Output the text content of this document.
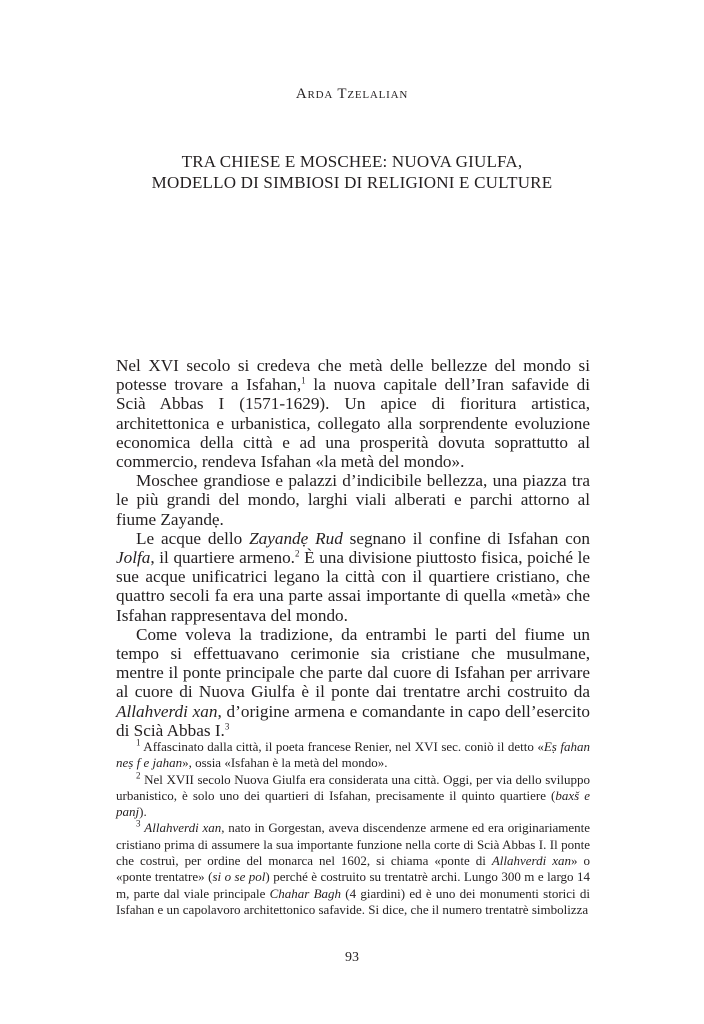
Arda Tzelalian
TRA CHIESE E MOSCHEE: NUOVA GIULFA,
MODELLO DI SIMBIOSI DI RELIGIONI E CULTURE

Nel XVI secolo si credeva che metà delle bellezze del mondo si potesse trovare a Isfahan,$^1$ la nuova capitale dell’Iran safavide di Scià Abbas I (1571-1629). Un apice di fioritura artistica, architettonica e urbanistica, collegato alla sorprendente evoluzione economica della città e ad una prosperità dovuta soprattutto al commercio, rendeva Isfahan «la metà del mondo».

Moschee grandiose e palazzi d’indicibile bellezza, una piazza tra le più grandi del mondo, larghi viali alberati e parchi attorno al fiume Zayandẹ.

Le acque dello Zayandẹ Rud segnano il confine di Isfahan con Jolfa, il quartiere armeno.$^2$ È una divisione piuttosto fisica, poiché le sue acque unificatrici legano la città con il quartiere cristiano, che quattro secoli fa era una parte assai importante di quella «metà» che Isfahan rappresentava del mondo.

Come voleva la tradizione, da entrambi le parti del fiume un tempo si effettuavano cerimonie sia cristiane che musulmane, mentre il ponte principale che parte dal cuore di Isfahan per arrivare al cuore di Nuova Giulfa è il ponte dai trentatre archi costruito da Allahverdi xan, d’origine armena e comandante in capo dell’esercito di Scià Abbas I.$^3$

$^1$ Affascinato dalla città, il poeta francese Renier, nel XVI sec. coniò il detto «Eṣ fahan neṣ f e jahan», ossia «Isfahan è la metà del mondo».

$^2$ Nel XVII secolo Nuova Giulfa era considerata una città. Oggi, per via dello sviluppo urbanistico, è solo uno dei quartieri di Isfahan, precisamente il quinto quartiere (baxš e panj).

$^3$ Allahverdi xan, nato in Gorgestan, aveva discendenze armene ed era originariamente cristiano prima di assumere la sua importante funzione nella corte di Scià Abbas I. Il ponte che costruì, per ordine del monarca nel 1602, si chiama «ponte di Allahverdi xan» o «ponte trentatre» (si o se pol) perché è costruito su trentatrè archi. Lungo 300 m e largo 14 m, parte dal viale principale Chahar Bagh (4 giardini) ed è uno dei monumenti storici di Isfahan e un capolavoro architettonico safavide. Si dice, che il numero trentatrè simbolizza

93
